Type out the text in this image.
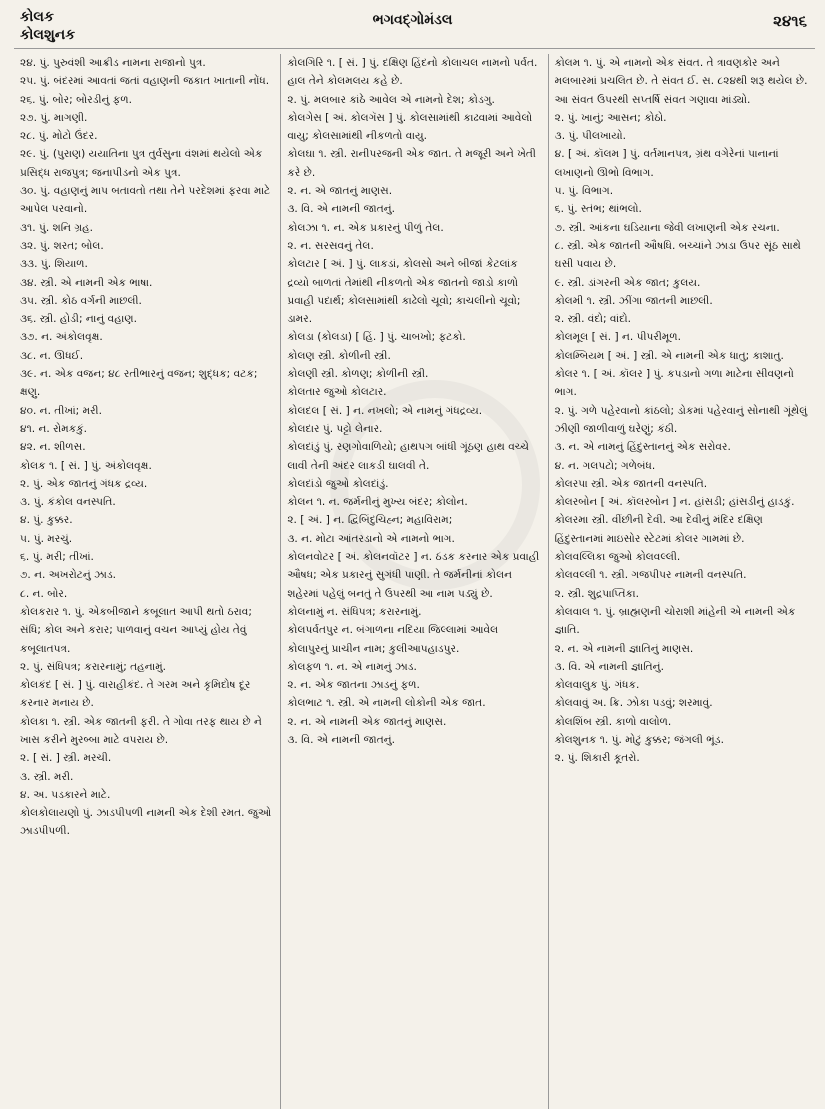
કોલક
કોલશુનક
ભગવદ્ગોમંડલ	૨૪૧૬
૨૪. પું. પુરુવંશી આક્રીડ નામના રાજાનો પુત્ર.
૨૫. પું. બંદરમાં આવતાં જતાં વહાણની જકાત ખાતાની નોંધ.
૨૬. પું. બોર; બોરડીનું ફળ.
૨૭. પું. માગણી.
૨૮. પું. મોટો ઉંદર.
૨૯. પું. (પુરાણ) યયાતિના પુત્ર તુર્વસુના વંશમાં થયેલો એક પ્રસિદ્ધ રાજપુત્ર; જનાપીડનો એક પુત્ર.
૩૦. પું. વહાણનું માપ બતાવતો તથા તેને પરદેશમાં ફરવા માટે આપેલ પરવાનો.
૩૧. પું. શનિ ગ્રહ.
૩૨. પું. શરત; બોલ.
૩૩. પું. શિયાળ.
૩૪. સ્ત્રી. એ નામની એક ભાષા.
૩૫. સ્ત્રી. કોઠ વર્ગની માછલી.
૩૬. સ્ત્રી. હોડી; નાનું વહાણ.
૩૭. ન. અંકોલવૃક્ષ.
૩૮. ન. ઊધઈ.
૩૯. ન. એક વજન; ૪૮ રતીભારનું વજન; શુદ્ધક; વટક; ક્ષણુ.
૪૦. ન. તીખાં; મરી.
૪૧. ન. રોમકકું.
૪૨. ન. શીળસ.
કોલક ૧. [ સં. ] પું. અંકોલવૃક્ષ.
૨. પું. એક જાતનું ગંધક દ્રવ્ય.
૩. પું. કંકોલ વનસ્પતિ.
૪. પું. કુક્કર.
૫. પું. મરચું.
૬. પું. મરી; તીખાં.
૭. ન. અખરોટનું ઝાડ.
૮. ન. બોર.
કોલકરાર ૧. પું. એકબીજાને કબૂલાત આપી થતો ઠરાવ; સંધિ; કોલ અને કરાર; પાળવાનું વચન આપ્યું હોય તેવું કબૂલાતપત્ર.
૨. પું. સંધિપત્ર; કરારનામું; તહનામું.
કોલકંદ [ સં. ] પું. વારાહીકંદ. તે ગરમ અને કૃમિદોષ દૂર કરનાર મનાય છે.
કોલકા ૧. સ્ત્રી. એક જાતની ફરી. તે ગોવા તરફ થાય છે ને ખાસ કરીને મુરબ્બા માટે વપરાય છે.
૨. [ સં. ] સ્ત્રી. મરચી.
૩. સ્ત્રી. મરી.
૪. અ. પડકારને માટે.
કોલકોલાયણો પું. ઝાડપીપળી નામની એક દેશી રમત. જુઓ ઝાડપીપળી.
કોલગિરિ ૧. [ સં. ] પું. દક્ષિણ હિંદનો કોલાચલ નામનો પર્વત. હાલ તેને કોલમલય કહે છે.
૨. પું. મલબાર કાંઠે આવેલ એ નામનો દેશ; કોડગુ.
કોલગેસ [ અં. કોલગૅસ ] પું. કોલસામાંથી કાઢવામાં આવેલો વાયુ; કોલસામાંથી નીકળતો વાયુ.
કોલઘા ૧. સ્ત્રી. રાનીપરજની એક જાત. તે મજૂરી અને ખેતી કરે છે.
૨. ન. એ જાતનું માણસ.
૩. વિ. એ નામની જાતનું.
કોલઝા ૧. ન. એક પ્રકારનું પીળું તેલ.
૨. ન. સરસવનું તેલ.
કોલટાર [ અં. ] પું. લાકડાં, કોલસો અને બીજાં કેટલાંક દ્રવ્યો બાળતાં તેમાંથી નીકળતો એક જાતનો જાડો કાળો પ્રવાહી પદાર્થ; કોલસામાંથી કાઢેલો ચૂવો; કાચલીનો ચૂવો; ડામર.
કોલડા (કોલડા) [ હિં. ] પું. ચાબખો; ફટકો.
કોલણ સ્ત્રી. કોળીની સ્ત્રી.
કોલણી સ્ત્રી. કોળણ; કોળીની સ્ત્રી.
કોલતાર જુઓ કોલટાર.
કોલદલ [ સં. ] ન. નખલો; એ નામનું ગંધદ્રવ્ય.
કોલદાર પું. પટ્ટો લેનાર.
કોલદાંડું પું. રણગોવાળિયો; હાથપગ બાંધી ગૂંઠણ હાથ વચ્ચે લાવી તેની અંદર લાકડી ઘાલવી તે.
કોલદાંડો જુઓ કોલદાંડું.
કોલન ૧. ન. જર્મનીનું મુખ્ય બંદર; કોલોન.
૨. [ અં. ] ન. દ્વિબિંદુચિહ્ન; મહાવિરામ;
૩. ન. મોટા આંતરડાનો એ નામનો ભાગ.
કોલનવોટર [ અં. કોલનવૉટર ] ન. ઠંડક કરનાર એક પ્રવાહી ઔષધ; એક પ્રકારનું સુગંધી પાણી. તે જર્મનીનાં કોલન શહેરમાં પહેલું બનતું તે ઉપરથી આ નામ પડ્યું છે.
કોલનામું ન. સંધિપત્ર; કરારનામું.
કોલપર્વતપુર ન. બંગાળના નદિયા જિલ્લામાં આવેલ કોલાપુરનું પ્રાચીન નામ; કુલીઆપહાડપુર.
કોલફળ ૧. ન. એ નામનું ઝાડ.
૨. ન. એક જાતના ઝાડનું ફળ.
કોલભાટ ૧. સ્ત્રી. એ નામની લોકોની એક જાત.
૨. ન. એ નામની એક જાતનું માણસ.
૩. વિ. એ નામની જાતનું.
કોલમ ૧. પું. એ નામનો એક સંવત. તે ત્રાવણકોર અને મલબારમાં પ્રચલિત છે. તે સંવત ઈ. સ. ૮૨૪થી શરૂ થયેલ છે. આ સંવત ઉપરથી સપ્તર્ષિ સંવત ગણાવા માંડ્યો.
૨. પું. ખાનું; આસન; કોઠો.
૩. પું. પીલખાયો.
૪. [ અં. કૉલમ ] પું. વર્તમાનપત્ર, ગ્રંથ વગેરેનાં પાનાનાં લખાણનો ઊભો વિભાગ.
૫. પું. વિભાગ.
૬. પું. સ્તંભ; થાંભલો.
૭. સ્ત્રી. આંકના ઘડિયાના જેવી લખાણની એક રચના.
૮. સ્ત્રી. એક જાતની ઔષધિ. બચ્ચાંને ઝાડા ઉપર સૂંઠ સાથે ઘસી પવાય છે.
૯. સ્ત્રી. ડાંગરની એક જાત; કુલય.
કોલમી ૧. સ્ત્રી. ઝીંગા જાતની માછલી.
૨. સ્ત્રી. વંદો; વાંદો.
કોલમૂલ [ સં. ] ન. પીપરીમૂળ.
કોલમ્બિયમ [ અં. ] સ્ત્રી. એ નામની એક ધાતુ; કાશાતુ.
કોલર ૧. [ અં. કૉલર ] પું. કપડાનો ગળા માટેના સીવણનો ભાગ.
૨. પું. ગળે પહેરવાનો કાંઠલો; ડોકમાં પહેરવાનું સોનાથી ગૂંથેલું ઝીણી જાળીવાળું ઘરેણું; કંઠી.
૩. ન. એ નામનું હિંદુસ્તાનનું એક સરોવર.
૪. ન. ગલપટો; ગળેબંધ.
કોલરપા સ્ત્રી. એક જાતની વનસ્પતિ.
કોલરબોન [ અં. કૉલરબોન ] ન. હાંસડી; હાંસડીનું હાડકું.
કોલરમા સ્ત્રી. વીંછીની દેવી. આ દેવીનું મંદિર દક્ષિણ હિંદુસ્તાનમાં માઇસોર સ્ટેટમાં કોલર ગામમાં છે.
કોલવલ્લિકા જુઓ કોલવલ્લી.
કોલવલ્લી ૧. સ્ત્રી. ગજપીપર નામની વનસ્પતિ.
૨. સ્ત્રી. શુદ્રપાપ્તિકા.
કોલવાલ ૧. પું. બ્રાહ્મણની ચોરાશી માંહેની એ નામની એક જ્ઞાતિ.
૨. ન. એ નામની જ્ઞાતિનું માણસ.
૩. વિ. એ નામની જ્ઞાતિનું.
કોલવાલુક પું. ગંધક.
કોલવાવું અ. ક્રિ. ઝોકા પડવું; શરમાવું.
કોલશિંબ સ્ત્રી. કાળો વાલોળ.
કોલશુનક ૧. પું. મોટું કુક્કર; જંગલી ભૂંડ.
૨. પું. શિકારી કૂતરો.
